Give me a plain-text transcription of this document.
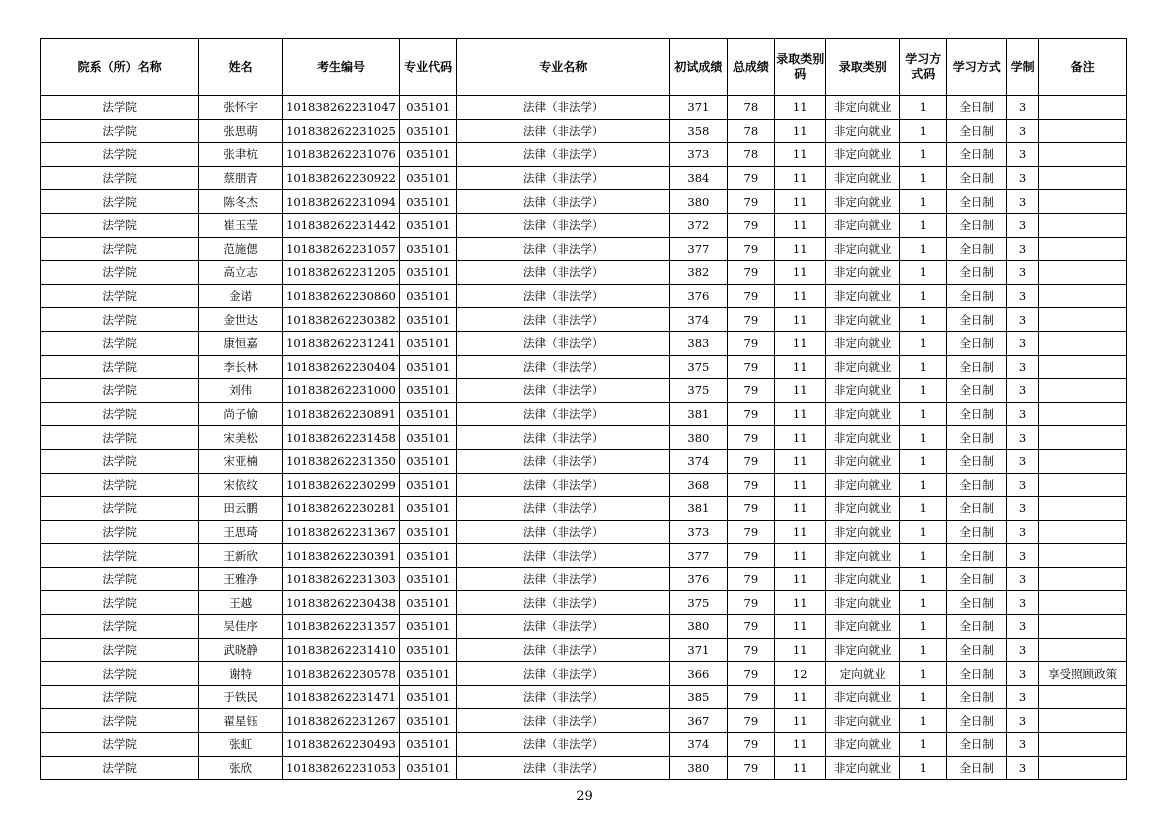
院系（所）名称	姓名	考生编号	专业代码	专业名称	初试成绩	总成绩	录取类别码	录取类别	学习方式码	学习方式	学制	备注
法学院	张怀宇	101838262231047	035101	法律（非法学）	371	78	11	非定向就业	1	全日制	3	
法学院	张思萌	101838262231025	035101	法律（非法学）	358	78	11	非定向就业	1	全日制	3	
法学院	张聿杭	101838262231076	035101	法律（非法学）	373	78	11	非定向就业	1	全日制	3	
法学院	蔡朋青	101838262230922	035101	法律（非法学）	384	79	11	非定向就业	1	全日制	3	
法学院	陈冬杰	101838262231094	035101	法律（非法学）	380	79	11	非定向就业	1	全日制	3	
法学院	崔玉莹	101838262231442	035101	法律（非法学）	372	79	11	非定向就业	1	全日制	3	
法学院	范施偲	101838262231057	035101	法律（非法学）	377	79	11	非定向就业	1	全日制	3	
法学院	高立志	101838262231205	035101	法律（非法学）	382	79	11	非定向就业	1	全日制	3	
法学院	金诺	101838262230860	035101	法律（非法学）	376	79	11	非定向就业	1	全日制	3	
法学院	金世达	101838262230382	035101	法律（非法学）	374	79	11	非定向就业	1	全日制	3	
法学院	康恒嘉	101838262231241	035101	法律（非法学）	383	79	11	非定向就业	1	全日制	3	
法学院	李长林	101838262230404	035101	法律（非法学）	375	79	11	非定向就业	1	全日制	3	
法学院	刘伟	101838262231000	035101	法律（非法学）	375	79	11	非定向就业	1	全日制	3	
法学院	尚子愉	101838262230891	035101	法律（非法学）	381	79	11	非定向就业	1	全日制	3	
法学院	宋美松	101838262231458	035101	法律（非法学）	380	79	11	非定向就业	1	全日制	3	
法学院	宋亚楠	101838262231350	035101	法律（非法学）	374	79	11	非定向就业	1	全日制	3	
法学院	宋依纹	101838262230299	035101	法律（非法学）	368	79	11	非定向就业	1	全日制	3	
法学院	田云鹏	101838262230281	035101	法律（非法学）	381	79	11	非定向就业	1	全日制	3	
法学院	王思琦	101838262231367	035101	法律（非法学）	373	79	11	非定向就业	1	全日制	3	
法学院	王新欣	101838262230391	035101	法律（非法学）	377	79	11	非定向就业	1	全日制	3	
法学院	王雅净	101838262231303	035101	法律（非法学）	376	79	11	非定向就业	1	全日制	3	
法学院	王越	101838262230438	035101	法律（非法学）	375	79	11	非定向就业	1	全日制	3	
法学院	吴佳序	101838262231357	035101	法律（非法学）	380	79	11	非定向就业	1	全日制	3	
法学院	武晓静	101838262231410	035101	法律（非法学）	371	79	11	非定向就业	1	全日制	3	
法学院	谢特	101838262230578	035101	法律（非法学）	366	79	12	定向就业	1	全日制	3	享受照顾政策
法学院	于铁民	101838262231471	035101	法律（非法学）	385	79	11	非定向就业	1	全日制	3	
法学院	翟星钰	101838262231267	035101	法律（非法学）	367	79	11	非定向就业	1	全日制	3	
法学院	张虹	101838262230493	035101	法律（非法学）	374	79	11	非定向就业	1	全日制	3	
法学院	张欣	101838262231053	035101	法律（非法学）	380	79	11	非定向就业	1	全日制	3	
29
